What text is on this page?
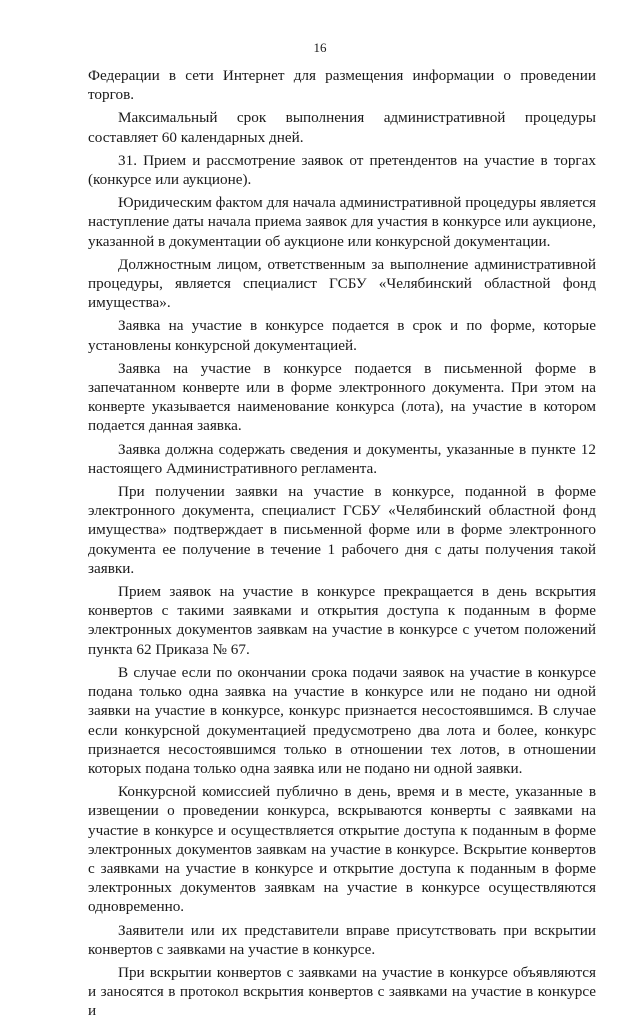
16

Федерации в сети Интернет для размещения информации о проведении торгов.

Максимальный срок выполнения административной процедуры составляет 60 календарных дней.

31. Прием и рассмотрение заявок от претендентов на участие в торгах (конкурсе или аукционе).

Юридическим фактом для начала административной процедуры является наступление даты начала приема заявок для участия в конкурсе или аукционе, указанной в документации об аукционе или конкурсной документации.

Должностным лицом, ответственным за выполнение административной процедуры, является специалист ГСБУ «Челябинский областной фонд имущества».

Заявка на участие в конкурсе подается в срок и по форме, которые установлены конкурсной документацией.

Заявка на участие в конкурсе подается в письменной форме в запечатанном конверте или в форме электронного документа. При этом на конверте указывается наименование конкурса (лота), на участие в котором подается данная заявка.

Заявка должна содержать сведения и документы, указанные в пункте 12 настоящего Административного регламента.

При получении заявки на участие в конкурсе, поданной в форме электронного документа, специалист ГСБУ «Челябинский областной фонд имущества» подтверждает в письменной форме или в форме электронного документа ее получение в течение 1 рабочего дня с даты получения такой заявки.

Прием заявок на участие в конкурсе прекращается в день вскрытия конвертов с такими заявками и открытия доступа к поданным в форме электронных документов заявкам на участие в конкурсе с учетом положений пункта 62 Приказа № 67.

В случае если по окончании срока подачи заявок на участие в конкурсе подана только одна заявка на участие в конкурсе или не подано ни одной заявки на участие в конкурсе, конкурс признается несостоявшимся. В случае если конкурсной документацией предусмотрено два лота и более, конкурс признается несостоявшимся только в отношении тех лотов, в отношении которых подана только одна заявка или не подано ни одной заявки.

Конкурсной комиссией публично в день, время и в месте, указанные в извещении о проведении конкурса, вскрываются конверты с заявками на участие в конкурсе и осуществляется открытие доступа к поданным в форме электронных документов заявкам на участие в конкурсе. Вскрытие конвертов с заявками на участие в конкурсе и открытие доступа к поданным в форме электронных документов заявкам на участие в конкурсе осуществляются одновременно.

Заявители или их представители вправе присутствовать при вскрытии конвертов с заявками на участие в конкурсе.

При вскрытии конвертов с заявками на участие в конкурсе объявляются и заносятся в протокол вскрытия конвертов с заявками на участие в конкурсе и
